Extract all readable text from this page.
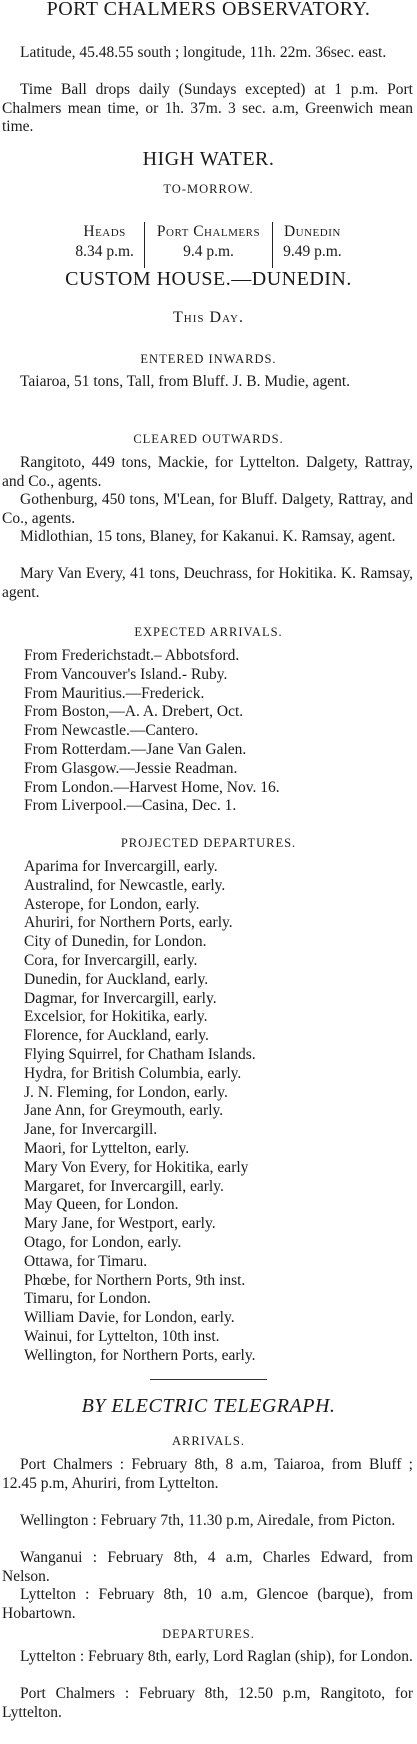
PORT CHALMERS OBSERVATORY.
Latitude, 45.48.55 south ; longitude, 11h. 22m. 36sec. east.
Time Ball drops daily (Sundays excepted) at 1 p.m. Port Chalmers mean time, or 1h. 37m. 3 sec. a.m, Greenwich mean time.
HIGH WATER.
TO-MORROW.
Heads
8.34 p.m.
Port Chalmers
9.4 p.m.
Dunedin
9.49 p.m.
CUSTOM HOUSE.—DUNEDIN.
This Day.
ENTERED INWARDS.
Taiaroa, 51 tons, Tall, from Bluff. J. B. Mudie, agent.
CLEARED OUTWARDS.
Rangitoto, 449 tons, Mackie, for Lyttelton. Dalgety, Rattray, and Co., agents.
Gothenburg, 450 tons, M'Lean, for Bluff. Dalgety, Rattray, and Co., agents.
Midlothian, 15 tons, Blaney, for Kakanui. K. Ramsay, agent.
Mary Van Every, 41 tons, Deuchrass, for Hokitika. K. Ramsay, agent.
EXPECTED ARRIVALS.
From Frederichstadt.– Abbotsford.
From Vancouver's Island.- Ruby.
From Mauritius.—Frederick.
From Boston,—A. A. Drebert, Oct.
From Newcastle.—Cantero.
From Rotterdam.—Jane Van Galen.
From Glasgow.—Jessie Readman.
From London.—Harvest Home, Nov. 16.
From Liverpool.—Casina, Dec. 1.
PROJECTED DEPARTURES.
Aparima for Invercargill, early.
Australind, for Newcastle, early.
Asterope, for London, early.
Ahuriri, for Northern Ports, early.
City of Dunedin, for London.
Cora, for Invercargill, early.
Dunedin, for Auckland, early.
Dagmar, for Invercargill, early.
Excelsior, for Hokitika, early.
Florence, for Auckland, early.
Flying Squirrel, for Chatham Islands.
Hydra, for British Columbia, early.
J. N. Fleming, for London, early.
Jane Ann, for Greymouth, early.
Jane, for Invercargill.
Maori, for Lyttelton, early.
Mary Von Every, for Hokitika, early
Margaret, for Invercargill, early.
May Queen, for London.
Mary Jane, for Westport, early.
Otago, for London, early.
Ottawa, for Timaru.
Phœbe, for Northern Ports, 9th inst.
Timaru, for London.
William Davie, for London, early.
Wainui, for Lyttelton, 10th inst.
Wellington, for Northern Ports, early.
BY ELECTRIC TELEGRAPH.
ARRIVALS.
Port Chalmers : February 8th, 8 a.m, Taiaroa, from Bluff ; 12.45 p.m, Ahuriri, from Lyttelton.
Wellington : February 7th, 11.30 p.m, Airedale, from Picton.
Wanganui : February 8th, 4 a.m, Charles Edward, from Nelson.
Lyttelton : February 8th, 10 a.m, Glencoe (barque), from Hobartown.
DEPARTURES.
Lyttelton : February 8th, early, Lord Raglan (ship), for London.
Port Chalmers : February 8th, 12.50 p.m, Rangitoto, for Lyttelton.
